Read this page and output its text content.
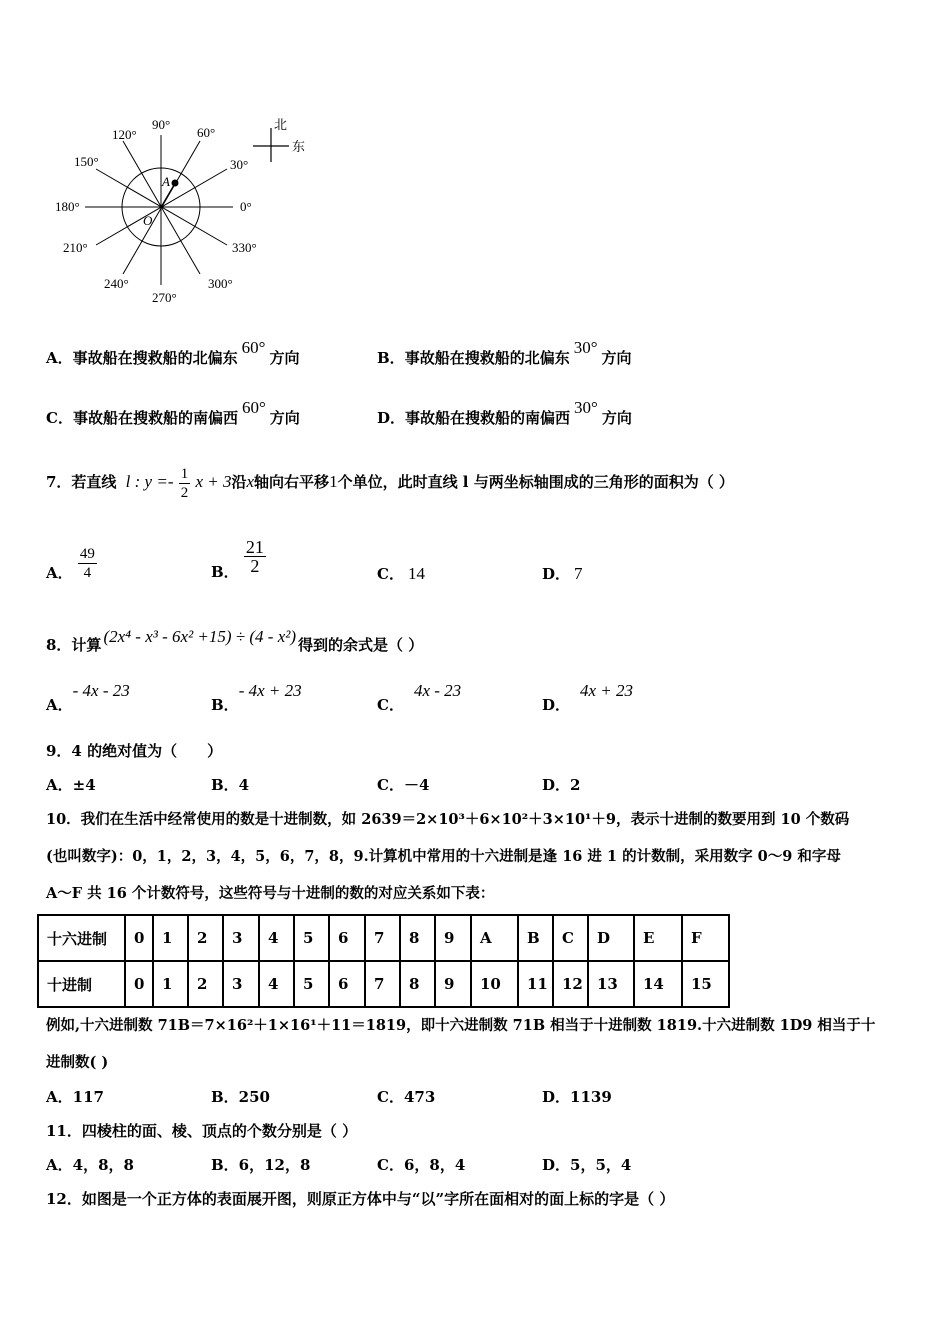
90°
60°
120°
30°
150°
180°	0°
210°	330°
240°	300°
270°
A
O
北
东
A．事故船在搜救船的北偏东60°方向	B．事故船在搜救船的北偏东30°方向
C．事故船在搜救船的南偏西60°方向	D．事故船在搜救船的南偏西30°方向
7．若直线 l : $y =- \frac{1}{2}$ x + 3沿x轴向右平移1个单位，此时直线 l 与两坐标轴围成的三角形的面积为（ ）
A． $\frac{49}{4}$	B． $\frac{21}{2}$	C． 14	D． 7
8．计算 (2x⁴ - x³ - 6x² +15) ÷ (4 - x²) 得到的余式是（ ）
A．- 4x - 23
B．- 4x + 23
C．4x - 23
D．4x + 23
9．4 的绝对值为（　　）
A．±4	B．4	C．－4	D．2
10．我们在生活中经常使用的数是十进制数，如 2639＝2×10³＋6×10²＋3×10¹＋9，表示十进制的数要用到 10 个数码
(也叫数字)：0，1，2，3，4，5，6，7，8，9.计算机中常用的十六进制是逢 16 进 1 的计数制，采用数字 0～9 和字母
A～F 共 16 个计数符号，这些符号与十进制的数的对应关系如下表：
十六进制	0	1	2	3	4	5	6	7	8	9	A	B	C	D	E	F
十进制	0	1	2	3	4	5	6	7	8	9	10	11	12	13	14	15
例如,十六进制数 71B＝7×16²＋1×16¹＋11＝1819，即十六进制数 71B 相当于十进制数 1819.十六进制数 1D9 相当于十
进制数( )
A．117	B．250	C．473	D．1139
11．四棱柱的面、棱、顶点的个数分别是（ ）
A．4，8，8	B．6，12，8	C．6，8，4	D．5，5，4
12．如图是一个正方体的表面展开图，则原正方体中与“以”字所在面相对的面上标的字是（ ）
